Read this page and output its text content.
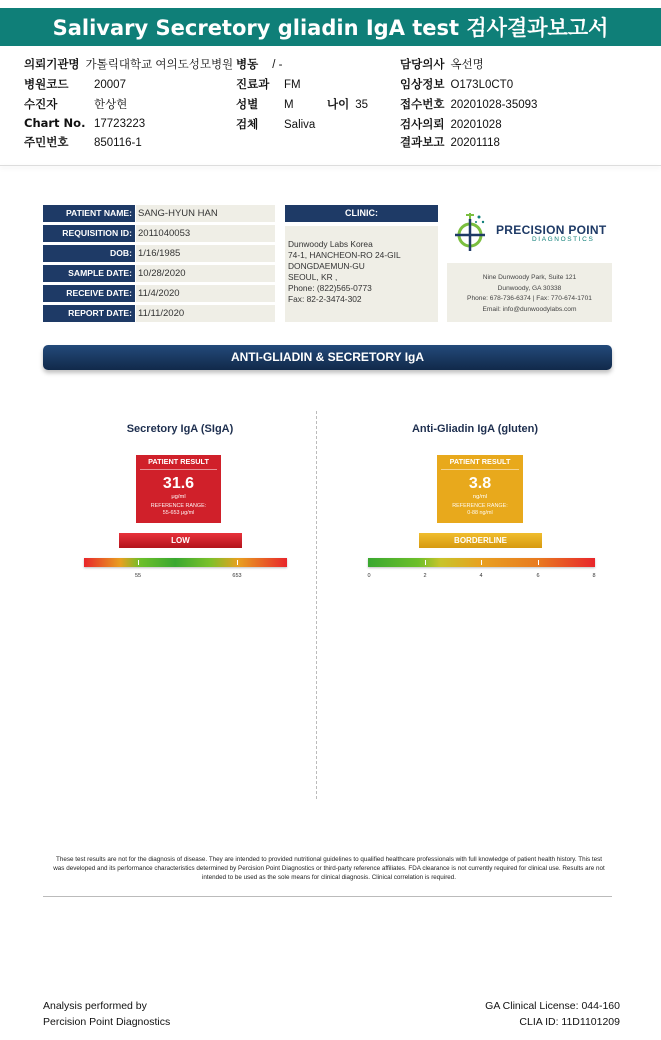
Salivary Secretory gliadin IgA test 검사결과보고서
의뢰기관명 가톨릭대학교 여의도성모병원 병동 / -	담당의사 옥선명
병원코드 20007	진료과 FM	임상정보 O173L0CT0
수진자	한상현	성별 M	나이 35	접수번호 20201028-35093
Chart No. 17723223	검체 Saliva	검사의뢰 20201028
주민번호 850116-1	결과보고 20201118
PATIENT NAME: SANG-HYUN HAN
REQUISITION ID: 2011040053
DOB: 1/16/1985
SAMPLE DATE: 10/28/2020
RECEIVE DATE: 11/4/2020
REPORT DATE: 11/11/2020
CLINIC:
Dunwoody Labs Korea
74-1, HANCHEON-RO 24-GIL
DONGDAEMUN-GU
SEOUL, KR ,
Phone: (822)565-0773
Fax: 82-2-3474-302
PRECISION POINT
DIAGNOSTICS
Nine Dunwoody Park, Suite 121
Dunwoody, GA 30338
Phone: 678-736-6374 | Fax: 770-674-1701
Email: info@dunwoodylabs.com
ANTI-GLIADIN & SECRETORY IgA
Secretory IgA (SIgA)
PATIENT RESULT
31.6
μg/ml
REFERENCE RANGE:
55-653 μg/ml
LOW
55	653
Anti-Gliadin IgA (gluten)
PATIENT RESULT
3.8
ng/ml
REFERENCE RANGE:
0-88 ng/ml
BORDERLINE
0	2	4	6	8
These test results are not for the diagnosis of disease. They are intended to provided nutritional guidelines to qualified healthcare professionals with full knowledge of patient health history. This test was developed and its performance characteristics determined by Percision Point Diagnostics or third-party reference affiliates. FDA clearance is not currently required for clinical use. Results are not intended to be used as the sole means for clinical diagnosis. Clinical correlation is required.
Analysis performed by
Percision Point Diagnostics
GA Clinical License: 044-160
CLIA ID: 11D1101209
